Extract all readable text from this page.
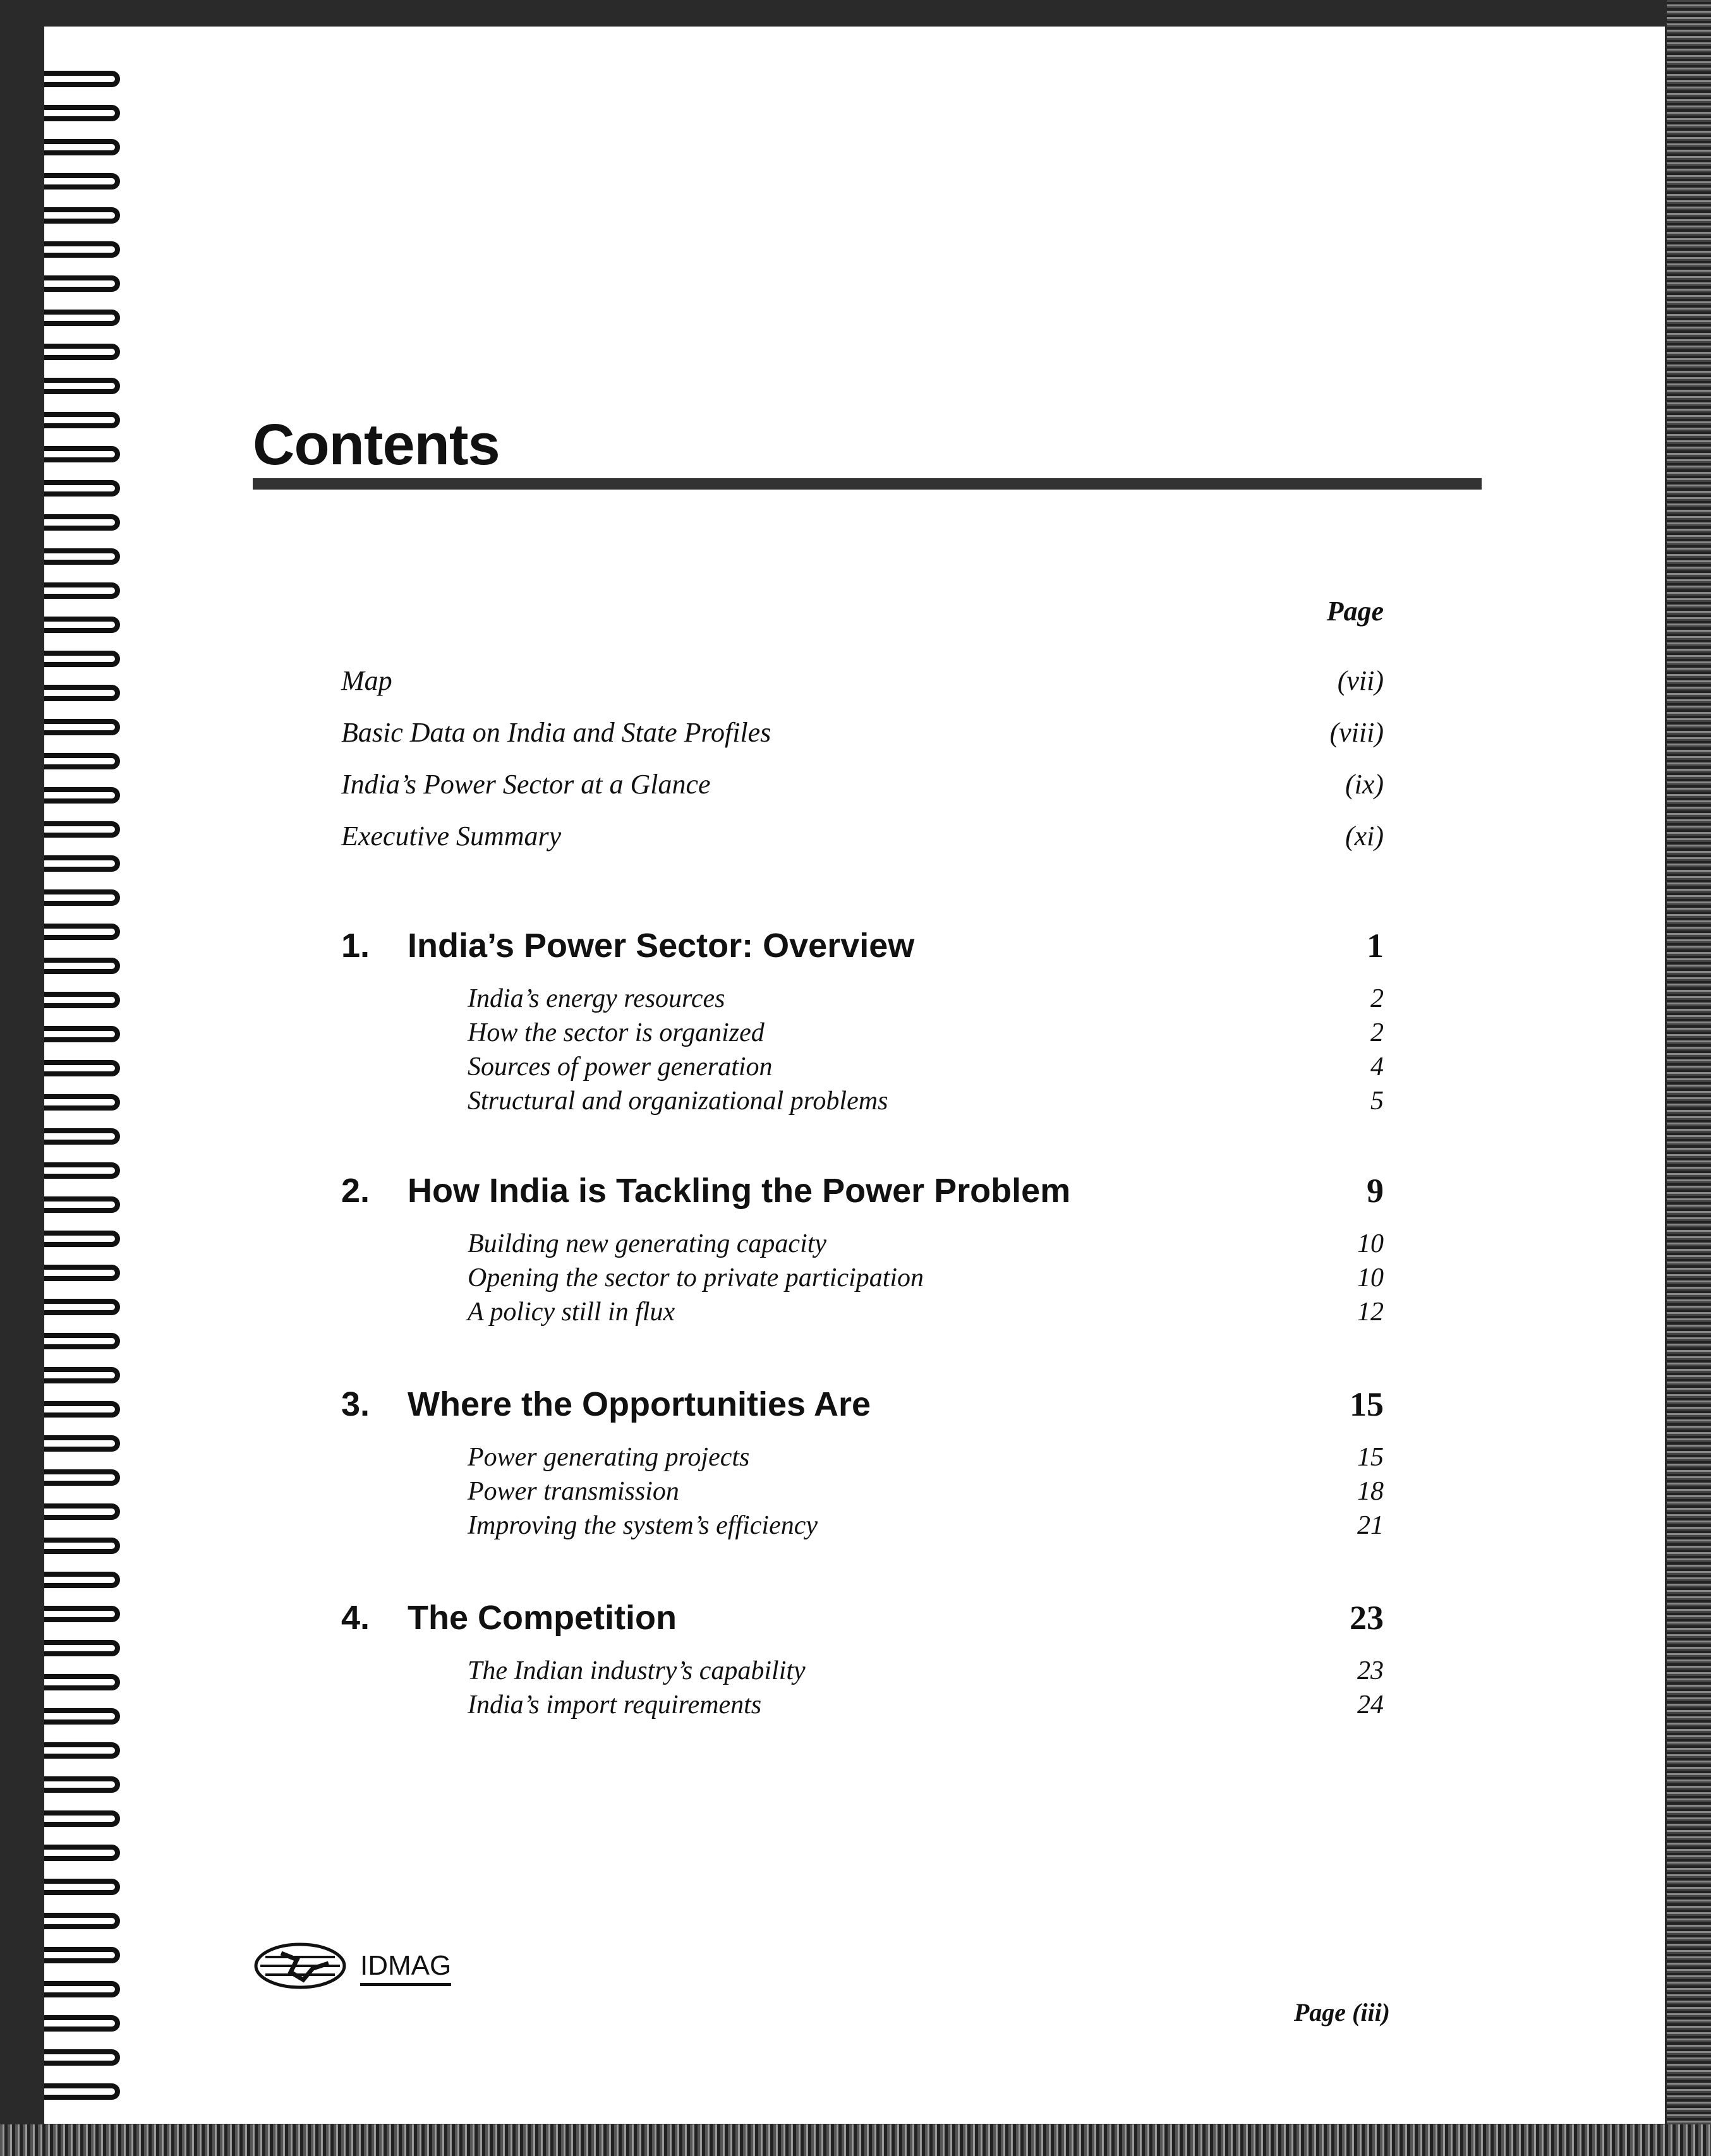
Contents
Page
Map	(vii)
Basic Data on India and State Profiles	(viii)
India’s Power Sector at a Glance	(ix)
Executive Summary	(xi)
1. India’s Power Sector: Overview	1
India’s energy resources	2
How the sector is organized	2
Sources of power generation	4
Structural and organizational problems	5
2. How India is Tackling the Power Problem	9
Building new generating capacity	10
Opening the sector to private participation	10
A policy still in flux	12
3. Where the Opportunities Are	15
Power generating projects	15
Power transmission	18
Improving the system’s efficiency	21
4. The Competition	23
The Indian industry’s capability	23
India’s import requirements	24
IDMAG
Page (iii)
